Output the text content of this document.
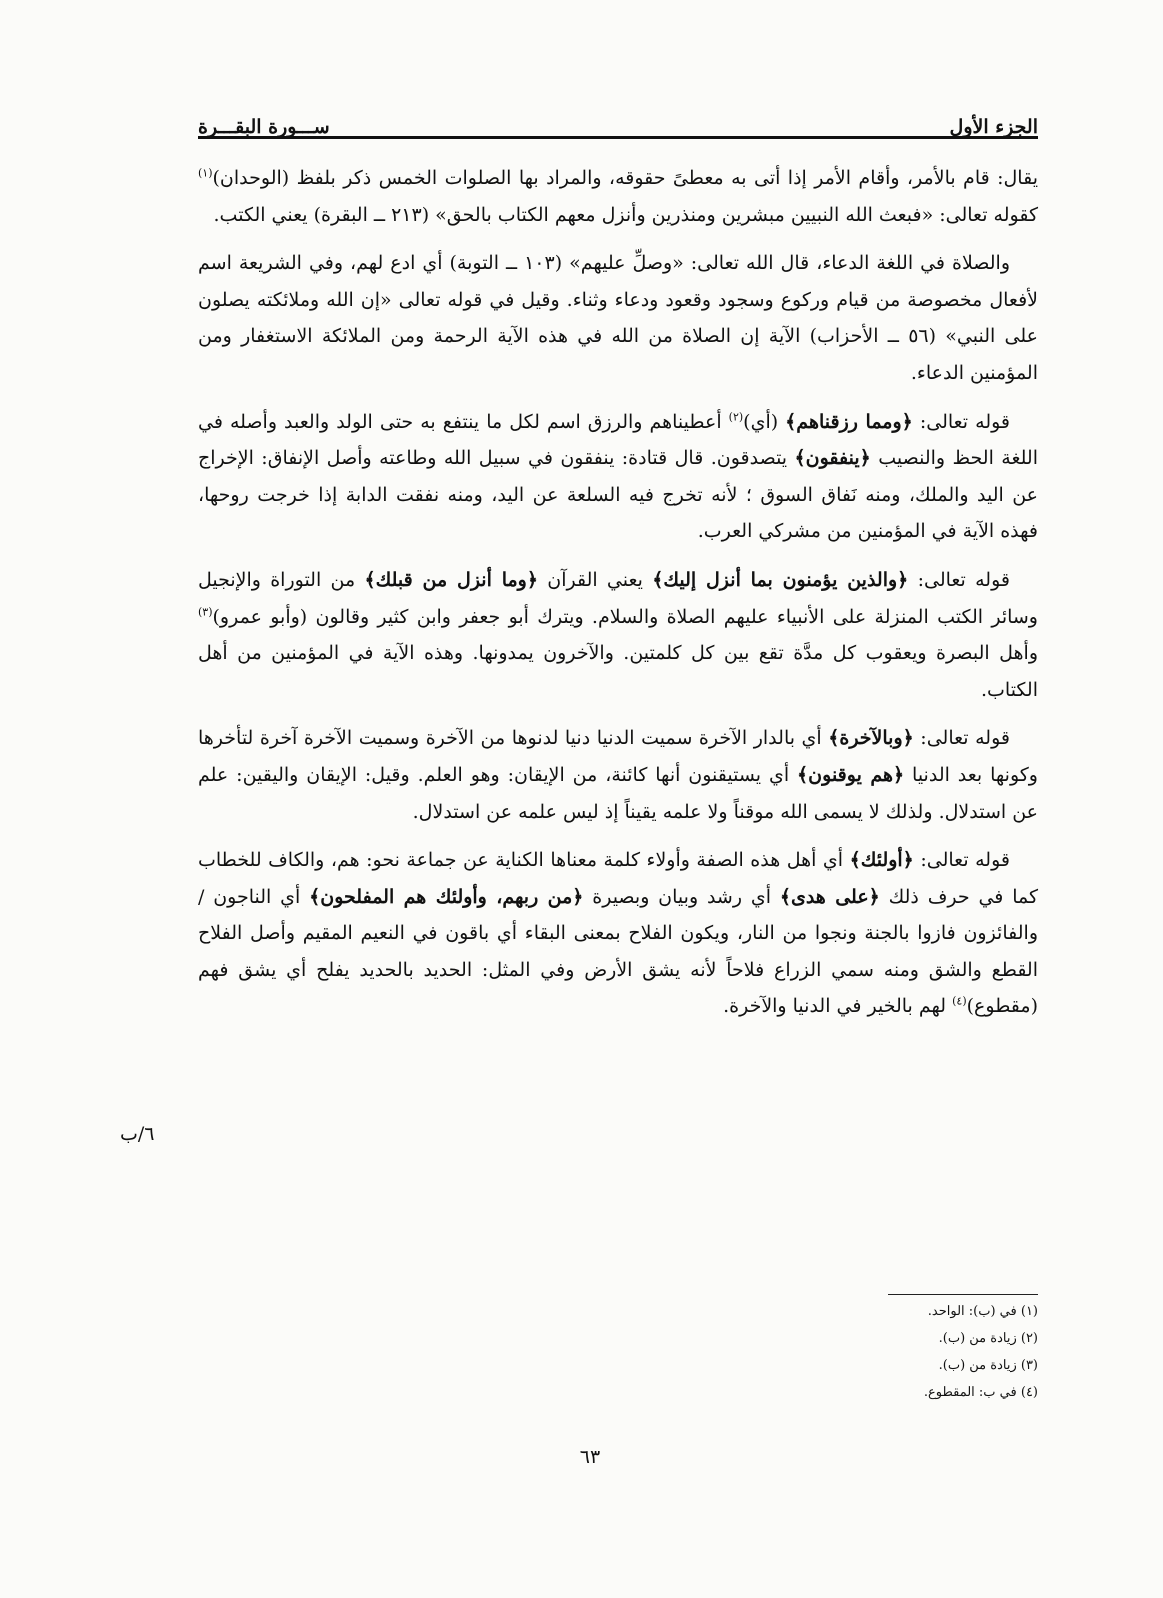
الجزء الأول
ســـورة البقـــرة

يقال: قام بالأمر، وأقام الأمر إذا أتى به معطىً حقوقه، والمراد بها الصلوات الخمس ذكر بلفظ (الوحدان)$^{(١)}$ كقوله تعالى: «فبعث الله النبيين مبشرين ومنذرين وأنزل معهم الكتاب بالحق» (٢١٣ ــ البقرة) يعني الكتب.

والصلاة في اللغة الدعاء، قال الله تعالى: «وصلِّ عليهم» (١٠٣ ــ التوبة) أي ادع لهم، وفي الشريعة اسم لأفعال مخصوصة من قيام وركوع وسجود وقعود ودعاء وثناء. وقيل في قوله تعالى «إن الله وملائكته يصلون على النبي» (٥٦ ــ الأحزاب) الآية إن الصلاة من الله في هذه الآية الرحمة ومن الملائكة الاستغفار ومن المؤمنين الدعاء.

قوله تعالى: ﴿ومما رزقناهم﴾ (أي)$^{(٢)}$ أعطيناهم والرزق اسم لكل ما ينتفع به حتى الولد والعبد وأصله في اللغة الحظ والنصيب ﴿ينفقون﴾ يتصدقون. قال قتادة: ينفقون في سبيل الله وطاعته وأصل الإنفاق: الإخراج عن اليد والملك، ومنه نَفاق السوق ؛ لأنه تخرج فيه السلعة عن اليد، ومنه نفقت الدابة إذا خرجت روحها، فهذه الآية في المؤمنين من مشركي العرب.

قوله تعالى: ﴿والذين يؤمنون بما أنزل إليك﴾ يعني القرآن ﴿وما أنزل من قبلك﴾ من التوراة والإنجيل وسائر الكتب المنزلة على الأنبياء عليهم الصلاة والسلام. ويترك أبو جعفر وابن كثير وقالون (وأبو عمرو)$^{(٣)}$ وأهل البصرة ويعقوب كل مدَّة تقع بين كل كلمتين. والآخرون يمدونها. وهذه الآية في المؤمنين من أهل الكتاب.

قوله تعالى: ﴿وبالآخرة﴾ أي بالدار الآخرة سميت الدنيا دنيا لدنوها من الآخرة وسميت الآخرة آخرة لتأخرها وكونها بعد الدنيا ﴿هم يوقنون﴾ أي يستيقنون أنها كائنة، من الإيقان: وهو العلم. وقيل: الإيقان واليقين: علم عن استدلال. ولذلك لا يسمى الله موقناً ولا علمه يقيناً إذ ليس علمه عن استدلال.

قوله تعالى: ﴿أولئك﴾ أي أهل هذه الصفة وأولاء كلمة معناها الكناية عن جماعة نحو: هم، والكاف للخطاب كما في حرف ذلك ﴿على هدى﴾ أي رشد وبيان وبصيرة ﴿من ربهم، وأولئك هم المفلحون﴾ أي الناجون / والفائزون فازوا بالجنة ونجوا من النار، ويكون الفلاح بمعنى البقاء أي باقون في النعيم المقيم وأصل الفلاح القطع والشق ومنه سمي الزراع فلاحاً لأنه يشق الأرض وفي المثل: الحديد بالحديد يفلح أي يشق فهم (مقطوع)$^{(٤)}$ لهم بالخير في الدنيا والآخرة.

٦/ب
(١) في (ب): الواحد.
(٢) زيادة من (ب).
(٣) زيادة من (ب).
(٤) في ب: المقطوع.
٦٣
